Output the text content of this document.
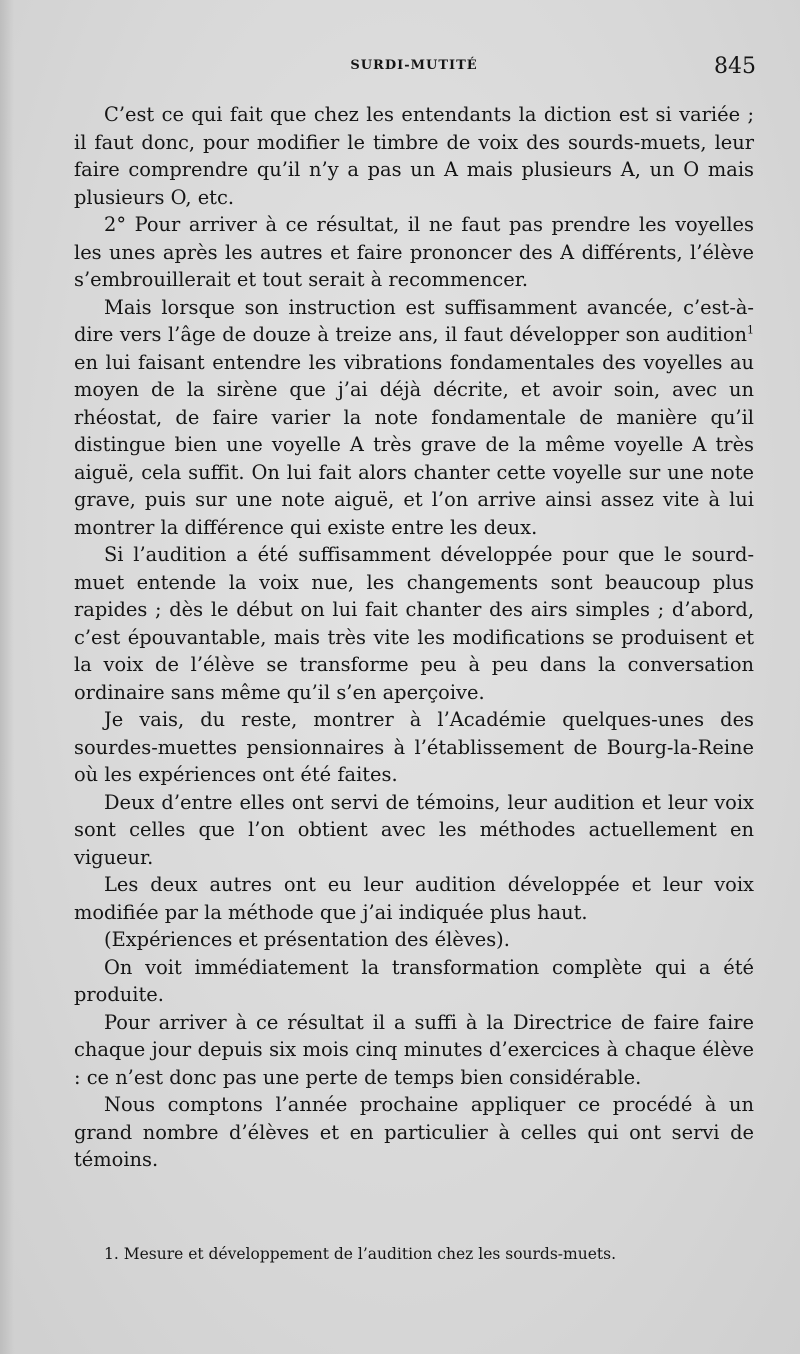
SURDI-MUTITÉ	845

C’est ce qui fait que chez les entendants la diction est si variée ; il faut donc, pour modifier le timbre de voix des sourds-muets, leur faire comprendre qu’il n’y a pas un A mais plusieurs A, un O mais plusieurs O, etc.

2° Pour arriver à ce résultat, il ne faut pas prendre les voyelles les unes après les autres et faire prononcer des A différents, l’élève s’embrouillerait et tout serait à recommencer.

Mais lorsque son instruction est suffisamment avancée, c’est-à-dire vers l’âge de douze à treize ans, il faut développer son audition$^1$ en lui faisant entendre les vibrations fondamentales des voyelles au moyen de la sirène que j’ai déjà décrite, et avoir soin, avec un rhéostat, de faire varier la note fondamentale de manière qu’il distingue bien une voyelle A très grave de la même voyelle A très aiguë, cela suffit. On lui fait alors chanter cette voyelle sur une note grave, puis sur une note aiguë, et l’on arrive ainsi assez vite à lui montrer la différence qui existe entre les deux.

Si l’audition a été suffisamment développée pour que le sourd-muet entende la voix nue, les changements sont beaucoup plus rapides ; dès le début on lui fait chanter des airs simples ; d’abord, c’est épouvantable, mais très vite les modifications se produisent et la voix de l’élève se transforme peu à peu dans la conversation ordinaire sans même qu’il s’en aperçoive.

Je vais, du reste, montrer à l’Académie quelques-unes des sourdes-muettes pensionnaires à l’établissement de Bourg-la-Reine où les expériences ont été faites.

Deux d’entre elles ont servi de témoins, leur audition et leur voix sont celles que l’on obtient avec les méthodes actuellement en vigueur.

Les deux autres ont eu leur audition développée et leur voix modifiée par la méthode que j’ai indiquée plus haut.

(Expériences et présentation des élèves).

On voit immédiatement la transformation complète qui a été produite.

Pour arriver à ce résultat il a suffi à la Directrice de faire faire chaque jour depuis six mois cinq minutes d’exercices à chaque élève : ce n’est donc pas une perte de temps bien considérable.

Nous comptons l’année prochaine appliquer ce procédé à un grand nombre d’élèves et en particulier à celles qui ont servi de témoins.

1. Mesure et développement de l’audition chez les sourds-muets.
